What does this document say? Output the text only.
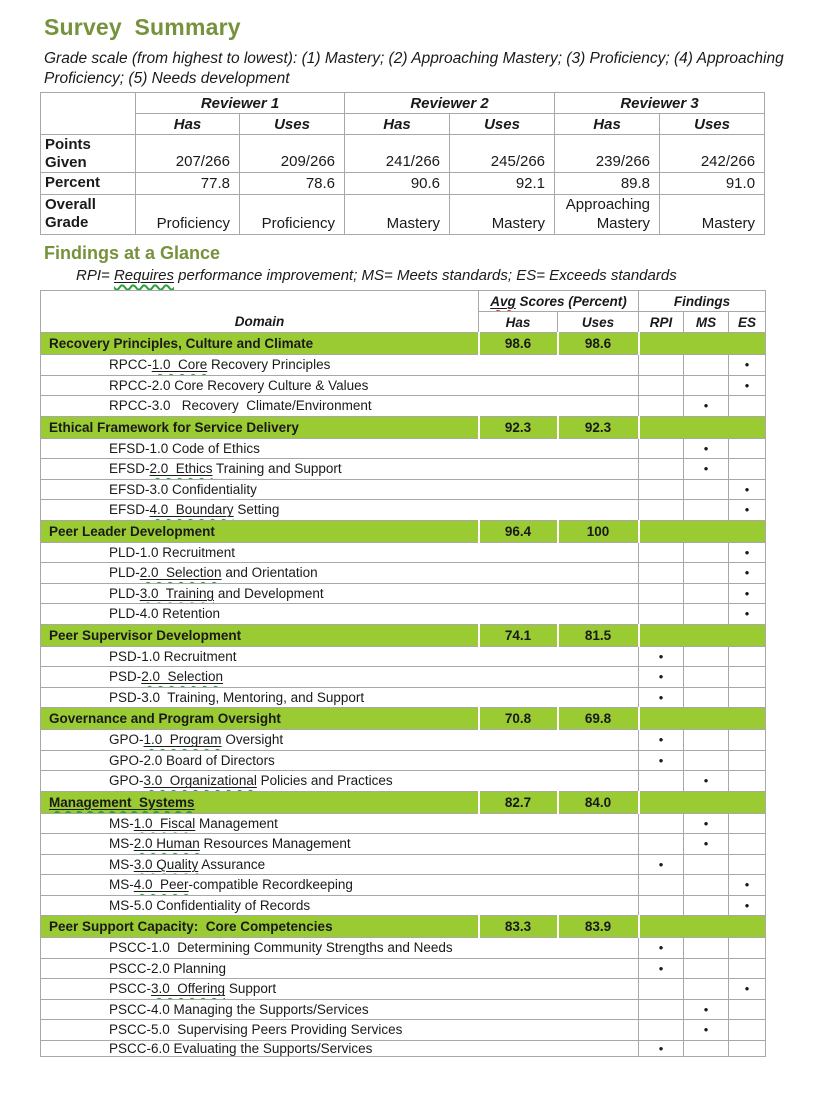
Survey Summary

Grade scale (from highest to lowest): (1) Mastery; (2) Approaching Mastery; (3) Proficiency; (4) Approaching Proficiency; (5) Needs development

	Reviewer 1		Reviewer 2		Reviewer 3	
	Has	Uses	Has	Uses	Has	Uses
Points Given	207/266	209/266	241/266	245/266	239/266	242/266
Percent	77.8	78.6	90.6	92.1	89.8	91.0
Overall Grade	Proficiency	Proficiency	Mastery	Mastery	Approaching Mastery	Mastery
Findings at a Glance

RPI= Requires performance improvement; MS= Meets standards; ES= Exceeds standards

Domain	Avg Scores (Percent)		Findings		
	Has	Uses	RPI	MS	ES
Recovery Principles, Culture and Climate	98.6	98.6			
RPCC-1.0  Core Recovery Principles					•
RPCC-2.0 Core Recovery Culture & Values					•
RPCC-3.0   Recovery  Climate/Environment				•	
Ethical Framework for Service Delivery	92.3	92.3			
EFSD-1.0 Code of Ethics				•	
EFSD-2.0  Ethics Training and Support				•	
EFSD-3.0 Confidentiality					•
EFSD-4.0  Boundary Setting					•
Peer Leader Development	96.4	100			
PLD-1.0 Recruitment					•
PLD-2.0  Selection and Orientation					•
PLD-3.0  Training and Development					•
PLD-4.0 Retention					•
Peer Supervisor Development	74.1	81.5			
PSD-1.0 Recruitment			•		
PSD-2.0  Selection			•		
PSD-3.0  Training, Mentoring, and Support			•		
Governance and Program Oversight	70.8	69.8			
GPO-1.0  Program Oversight			•		
GPO-2.0 Board of Directors			•		
GPO-3.0  Organizational Policies and Practices				•	
Management  Systems	82.7	84.0			
MS-1.0  Fiscal Management				•	
MS-2.0 Human Resources Management				•	
MS-3.0 Quality Assurance			•		
MS-4.0  Peer-compatible Recordkeeping					•
MS-5.0 Confidentiality of Records					•
Peer Support Capacity:  Core Competencies	83.3	83.9			
PSCC-1.0  Determining Community Strengths and Needs			•		
PSCC-2.0 Planning			•		
PSCC-3.0  Offering Support					•
PSCC-4.0 Managing the Supports/Services				•	
PSCC-5.0  Supervising Peers Providing Services				•	
PSCC-6.0 Evaluating the Supports/Services			•		
